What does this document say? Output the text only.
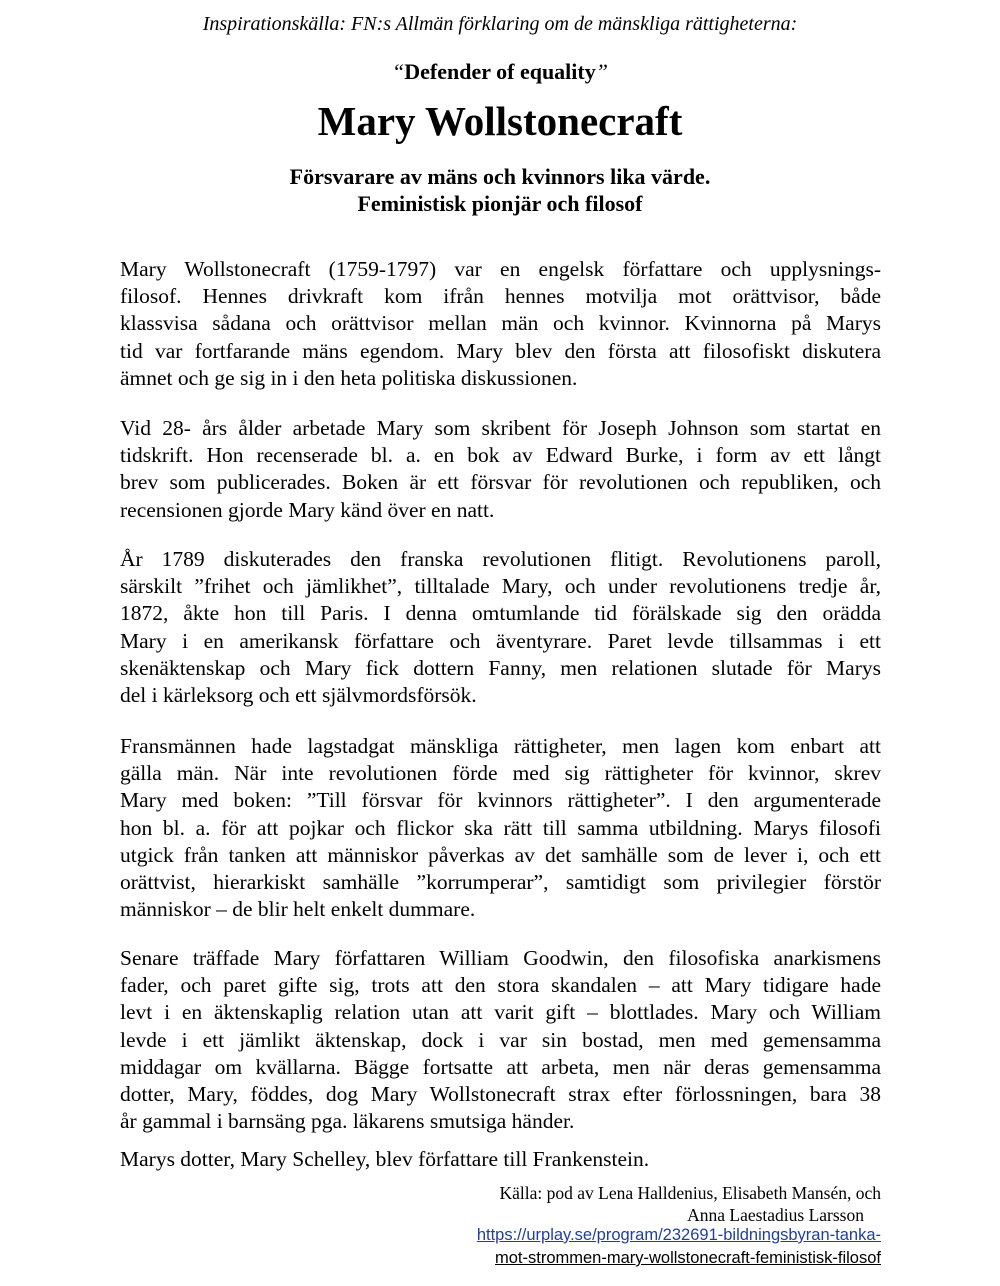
Inspirationskälla: FN:s Allmän förklaring om de mänskliga rättigheterna:
“Defender of equality”
Mary Wollstonecraft
Försvarare av mäns och kvinnors lika värde.
Feministisk pionjär och filosof
Mary Wollstonecraft (1759-1797) var en engelsk författare och upplysnings-
filosof. Hennes drivkraft kom ifrån hennes motvilja mot orättvisor, både
klassvisa sådana och orättvisor mellan män och kvinnor. Kvinnorna på Marys
tid var fortfarande mäns egendom. Mary blev den första att filosofiskt diskutera
ämnet och ge sig in i den heta politiska diskussionen.
Vid 28- års ålder arbetade Mary som skribent för Joseph Johnson som startat en
tidskrift. Hon recenserade bl. a. en bok av Edward Burke, i form av ett långt
brev som publicerades. Boken är ett försvar för revolutionen och republiken, och
recensionen gjorde Mary känd över en natt.
År 1789 diskuterades den franska revolutionen flitigt. Revolutionens paroll,
särskilt ”frihet och jämlikhet”, tilltalade Mary, och under revolutionens tredje år,
1872, åkte hon till Paris. I denna omtumlande tid förälskade sig den orädda
Mary i en amerikansk författare och äventyrare. Paret levde tillsammas i ett
skenäktenskap och Mary fick dottern Fanny, men relationen slutade för Marys
del i kärleksorg och ett självmordsförsök.
Fransmännen hade lagstadgat mänskliga rättigheter, men lagen kom enbart att
gälla män. När inte revolutionen förde med sig rättigheter för kvinnor, skrev
Mary med boken: ”Till försvar för kvinnors rättigheter”. I den argumenterade
hon bl. a. för att pojkar och flickor ska rätt till samma utbildning. Marys filosofi
utgick från tanken att människor påverkas av det samhälle som de lever i, och ett
orättvist, hierarkiskt samhälle ”korrumperar”, samtidigt som privilegier förstör
människor – de blir helt enkelt dummare.
Senare träffade Mary författaren William Goodwin, den filosofiska anarkismens
fader, och paret gifte sig, trots att den stora skandalen – att Mary tidigare hade
levt i en äktenskaplig relation utan att varit gift – blottlades. Mary och William
levde i ett jämlikt äktenskap, dock i var sin bostad, men med gemensamma
middagar om kvällarna. Bägge fortsatte att arbeta, men när deras gemensamma
dotter, Mary, föddes, dog Mary Wollstonecraft strax efter förlossningen, bara 38
år gammal i barnsäng pga. läkarens smutsiga händer.
Marys dotter, Mary Schelley, blev författare till Frankenstein.
Källa: pod av Lena Halldenius, Elisabeth Mansén, och
Anna Laestadius Larsson
https://urplay.se/program/232691-bildningsbyran-tanka-
mot-strommen-mary-wollstonecraft-feministisk-filosof
